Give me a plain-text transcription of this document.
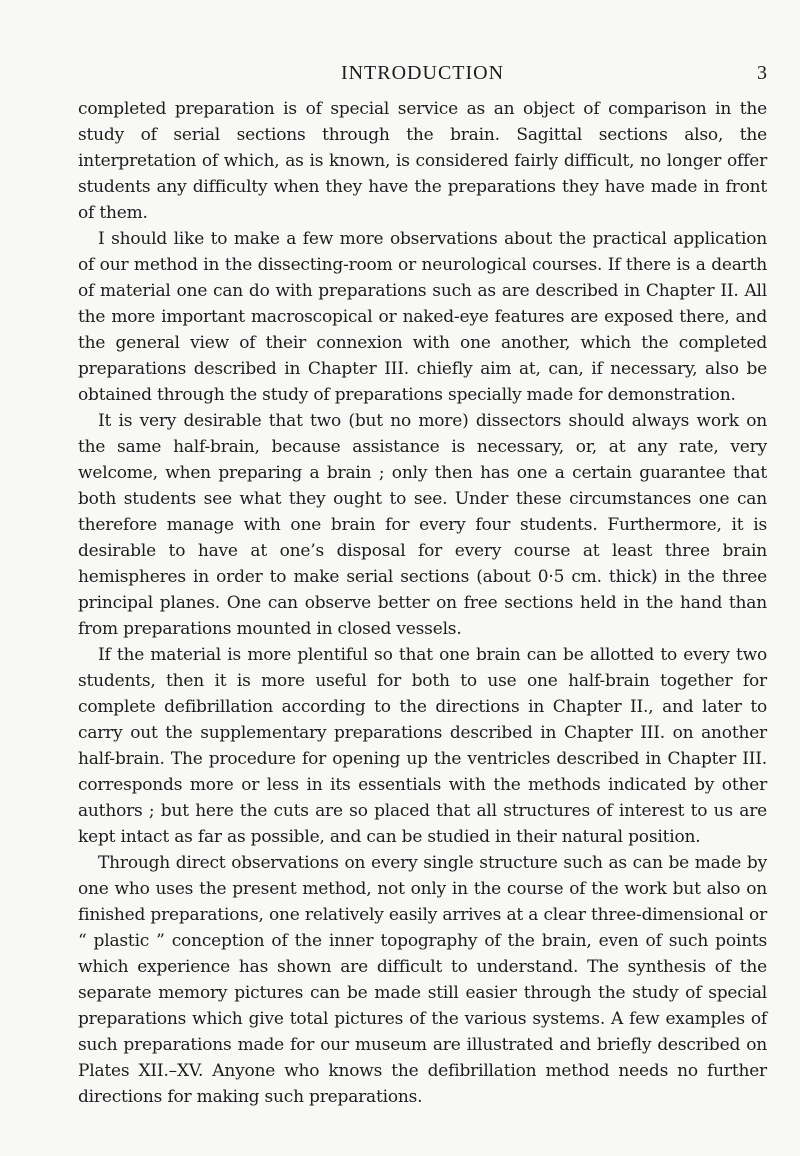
INTRODUCTION	3

completed preparation is of special service as an object of comparison in the study of serial sections through the brain. Sagittal sections also, the interpretation of which, as is known, is considered fairly difficult, no longer offer students any difficulty when they have the preparations they have made in front of them.

I should like to make a few more observations about the practical application of our method in the dissecting-room or neurological courses. If there is a dearth of material one can do with preparations such as are described in Chapter II. All the more important macroscopical or naked-eye features are exposed there, and the general view of their connexion with one another, which the completed preparations described in Chapter III. chiefly aim at, can, if necessary, also be obtained through the study of preparations specially made for demonstration.

It is very desirable that two (but no more) dissectors should always work on the same half-brain, because assistance is necessary, or, at any rate, very welcome, when preparing a brain ; only then has one a certain guarantee that both students see what they ought to see. Under these circumstances one can therefore manage with one brain for every four students. Furthermore, it is desirable to have at one’s disposal for every course at least three brain hemispheres in order to make serial sections (about 0·5 cm. thick) in the three principal planes. One can observe better on free sections held in the hand than from preparations mounted in closed vessels.

If the material is more plentiful so that one brain can be allotted to every two students, then it is more useful for both to use one half-brain together for complete defibrillation according to the directions in Chapter II., and later to carry out the supplementary preparations described in Chapter III. on another half-brain. The procedure for opening up the ventricles described in Chapter III. corresponds more or less in its essentials with the methods indicated by other authors ; but here the cuts are so placed that all structures of interest to us are kept intact as far as possible, and can be studied in their natural position.

Through direct observations on every single structure such as can be made by one who uses the present method, not only in the course of the work but also on finished preparations, one relatively easily arrives at a clear three-dimensional or “ plastic ” conception of the inner topography of the brain, even of such points which experience has shown are difficult to understand. The synthesis of the separate memory pictures can be made still easier through the study of special preparations which give total pictures of the various systems. A few examples of such preparations made for our museum are illustrated and briefly described on Plates XII.–XV. Anyone who knows the defibrillation method needs no further directions for making such preparations.
